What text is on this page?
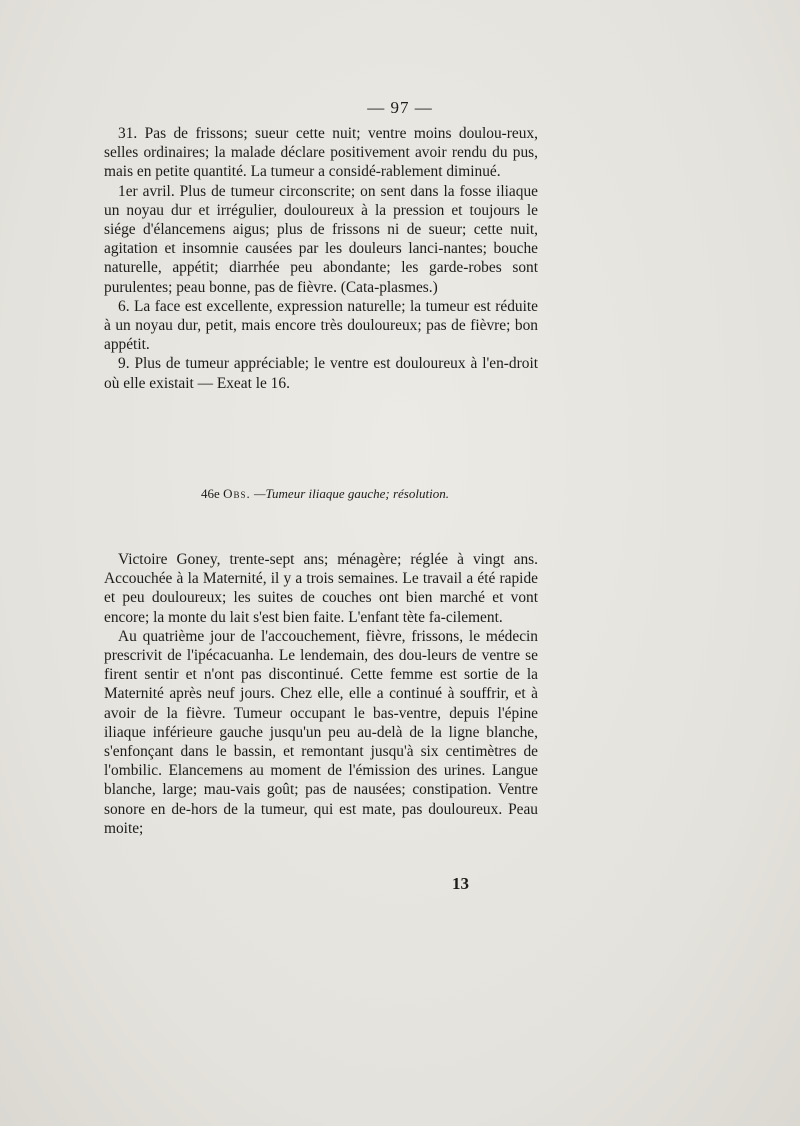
— 97 —

31. Pas de frissons; sueur cette nuit; ventre moins doulou-reux, selles ordinaires; la malade déclare positivement avoir rendu du pus, mais en petite quantité. La tumeur a considé-rablement diminué.

1er avril. Plus de tumeur circonscrite; on sent dans la fosse iliaque un noyau dur et irrégulier, douloureux à la pression et toujours le siége d'élancemens aigus; plus de frissons ni de sueur; cette nuit, agitation et insomnie causées par les douleurs lanci-nantes; bouche naturelle, appétit; diarrhée peu abondante; les garde-robes sont purulentes; peau bonne, pas de fièvre. (Cata-plasmes.)

6. La face est excellente, expression naturelle; la tumeur est réduite à un noyau dur, petit, mais encore très douloureux; pas de fièvre; bon appétit.

9. Plus de tumeur appréciable; le ventre est douloureux à l'en-droit où elle existait — Exeat le 16.

46e Obs. —Tumeur iliaque gauche; résolution.

Victoire Goney, trente-sept ans; ménagère; réglée à vingt ans. Accouchée à la Maternité, il y a trois semaines. Le travail a été rapide et peu douloureux; les suites de couches ont bien marché et vont encore; la monte du lait s'est bien faite. L'enfant tète fa-cilement.

Au quatrième jour de l'accouchement, fièvre, frissons, le médecin prescrivit de l'ipécacuanha. Le lendemain, des dou-leurs de ventre se firent sentir et n'ont pas discontinué. Cette femme est sortie de la Maternité après neuf jours. Chez elle, elle a continué à souffrir, et à avoir de la fièvre. Tumeur occupant le bas-ventre, depuis l'épine iliaque inférieure gauche jusqu'un peu au-delà de la ligne blanche, s'enfonçant dans le bassin, et remontant jusqu'à six centimètres de l'ombilic. Elancemens au moment de l'émission des urines. Langue blanche, large; mau-vais goût; pas de nausées; constipation. Ventre sonore en de-hors de la tumeur, qui est mate, pas douloureux. Peau moite;

13
